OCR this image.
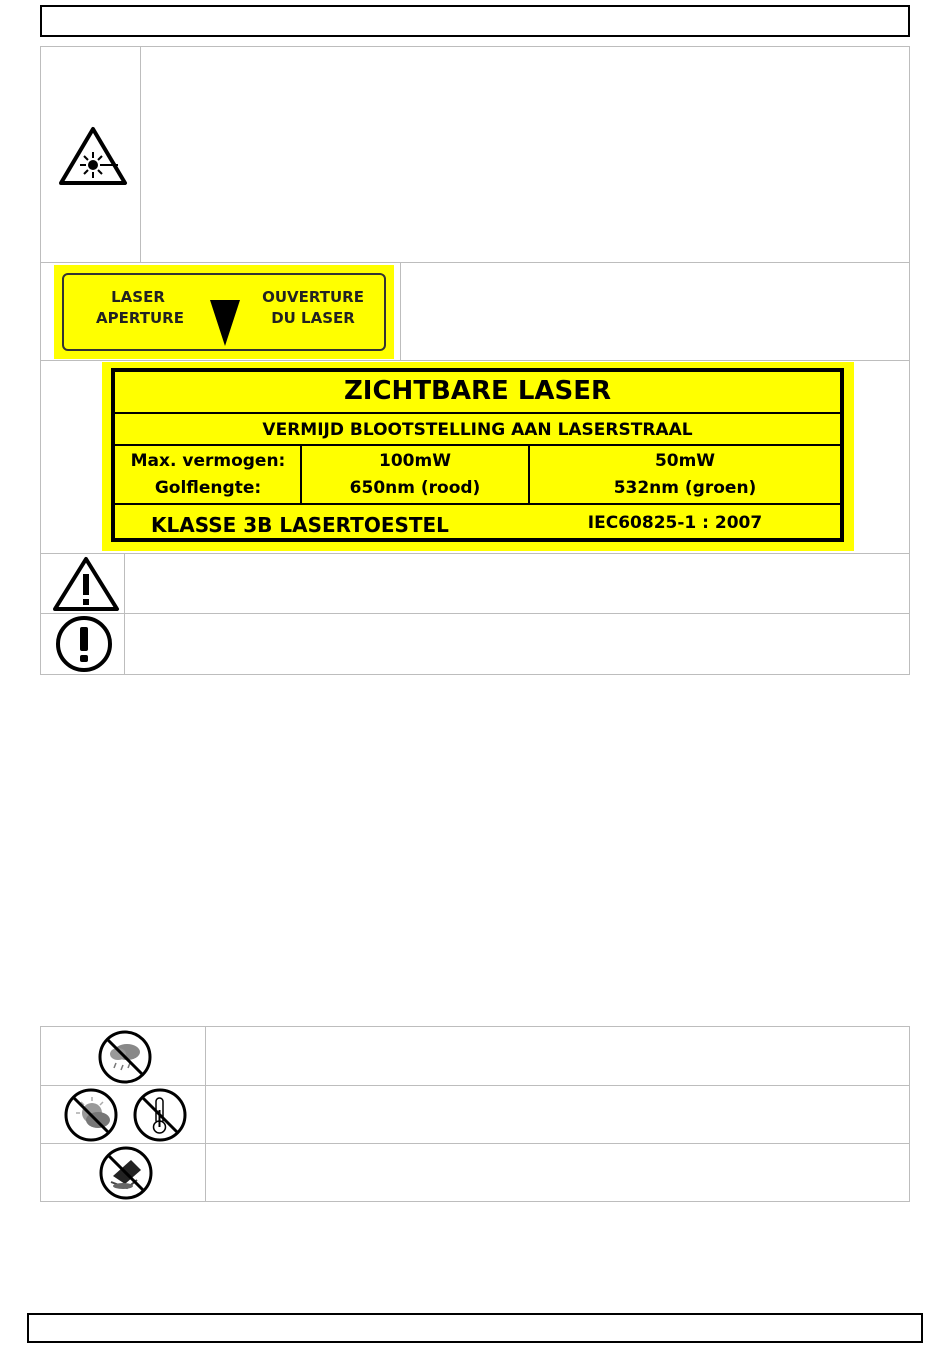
LASER
APERTURE
OUVERTURE
DU LASER
ZICHTBARE LASER
VERMIJD BLOOTSTELLING AAN LASERSTRAAL
Max. vermogen:
Golflengte:
100mW
650nm (rood)
50mW
532nm (groen)
KLASSE 3B LASERTOESTEL	IEC60825-1 : 2007
